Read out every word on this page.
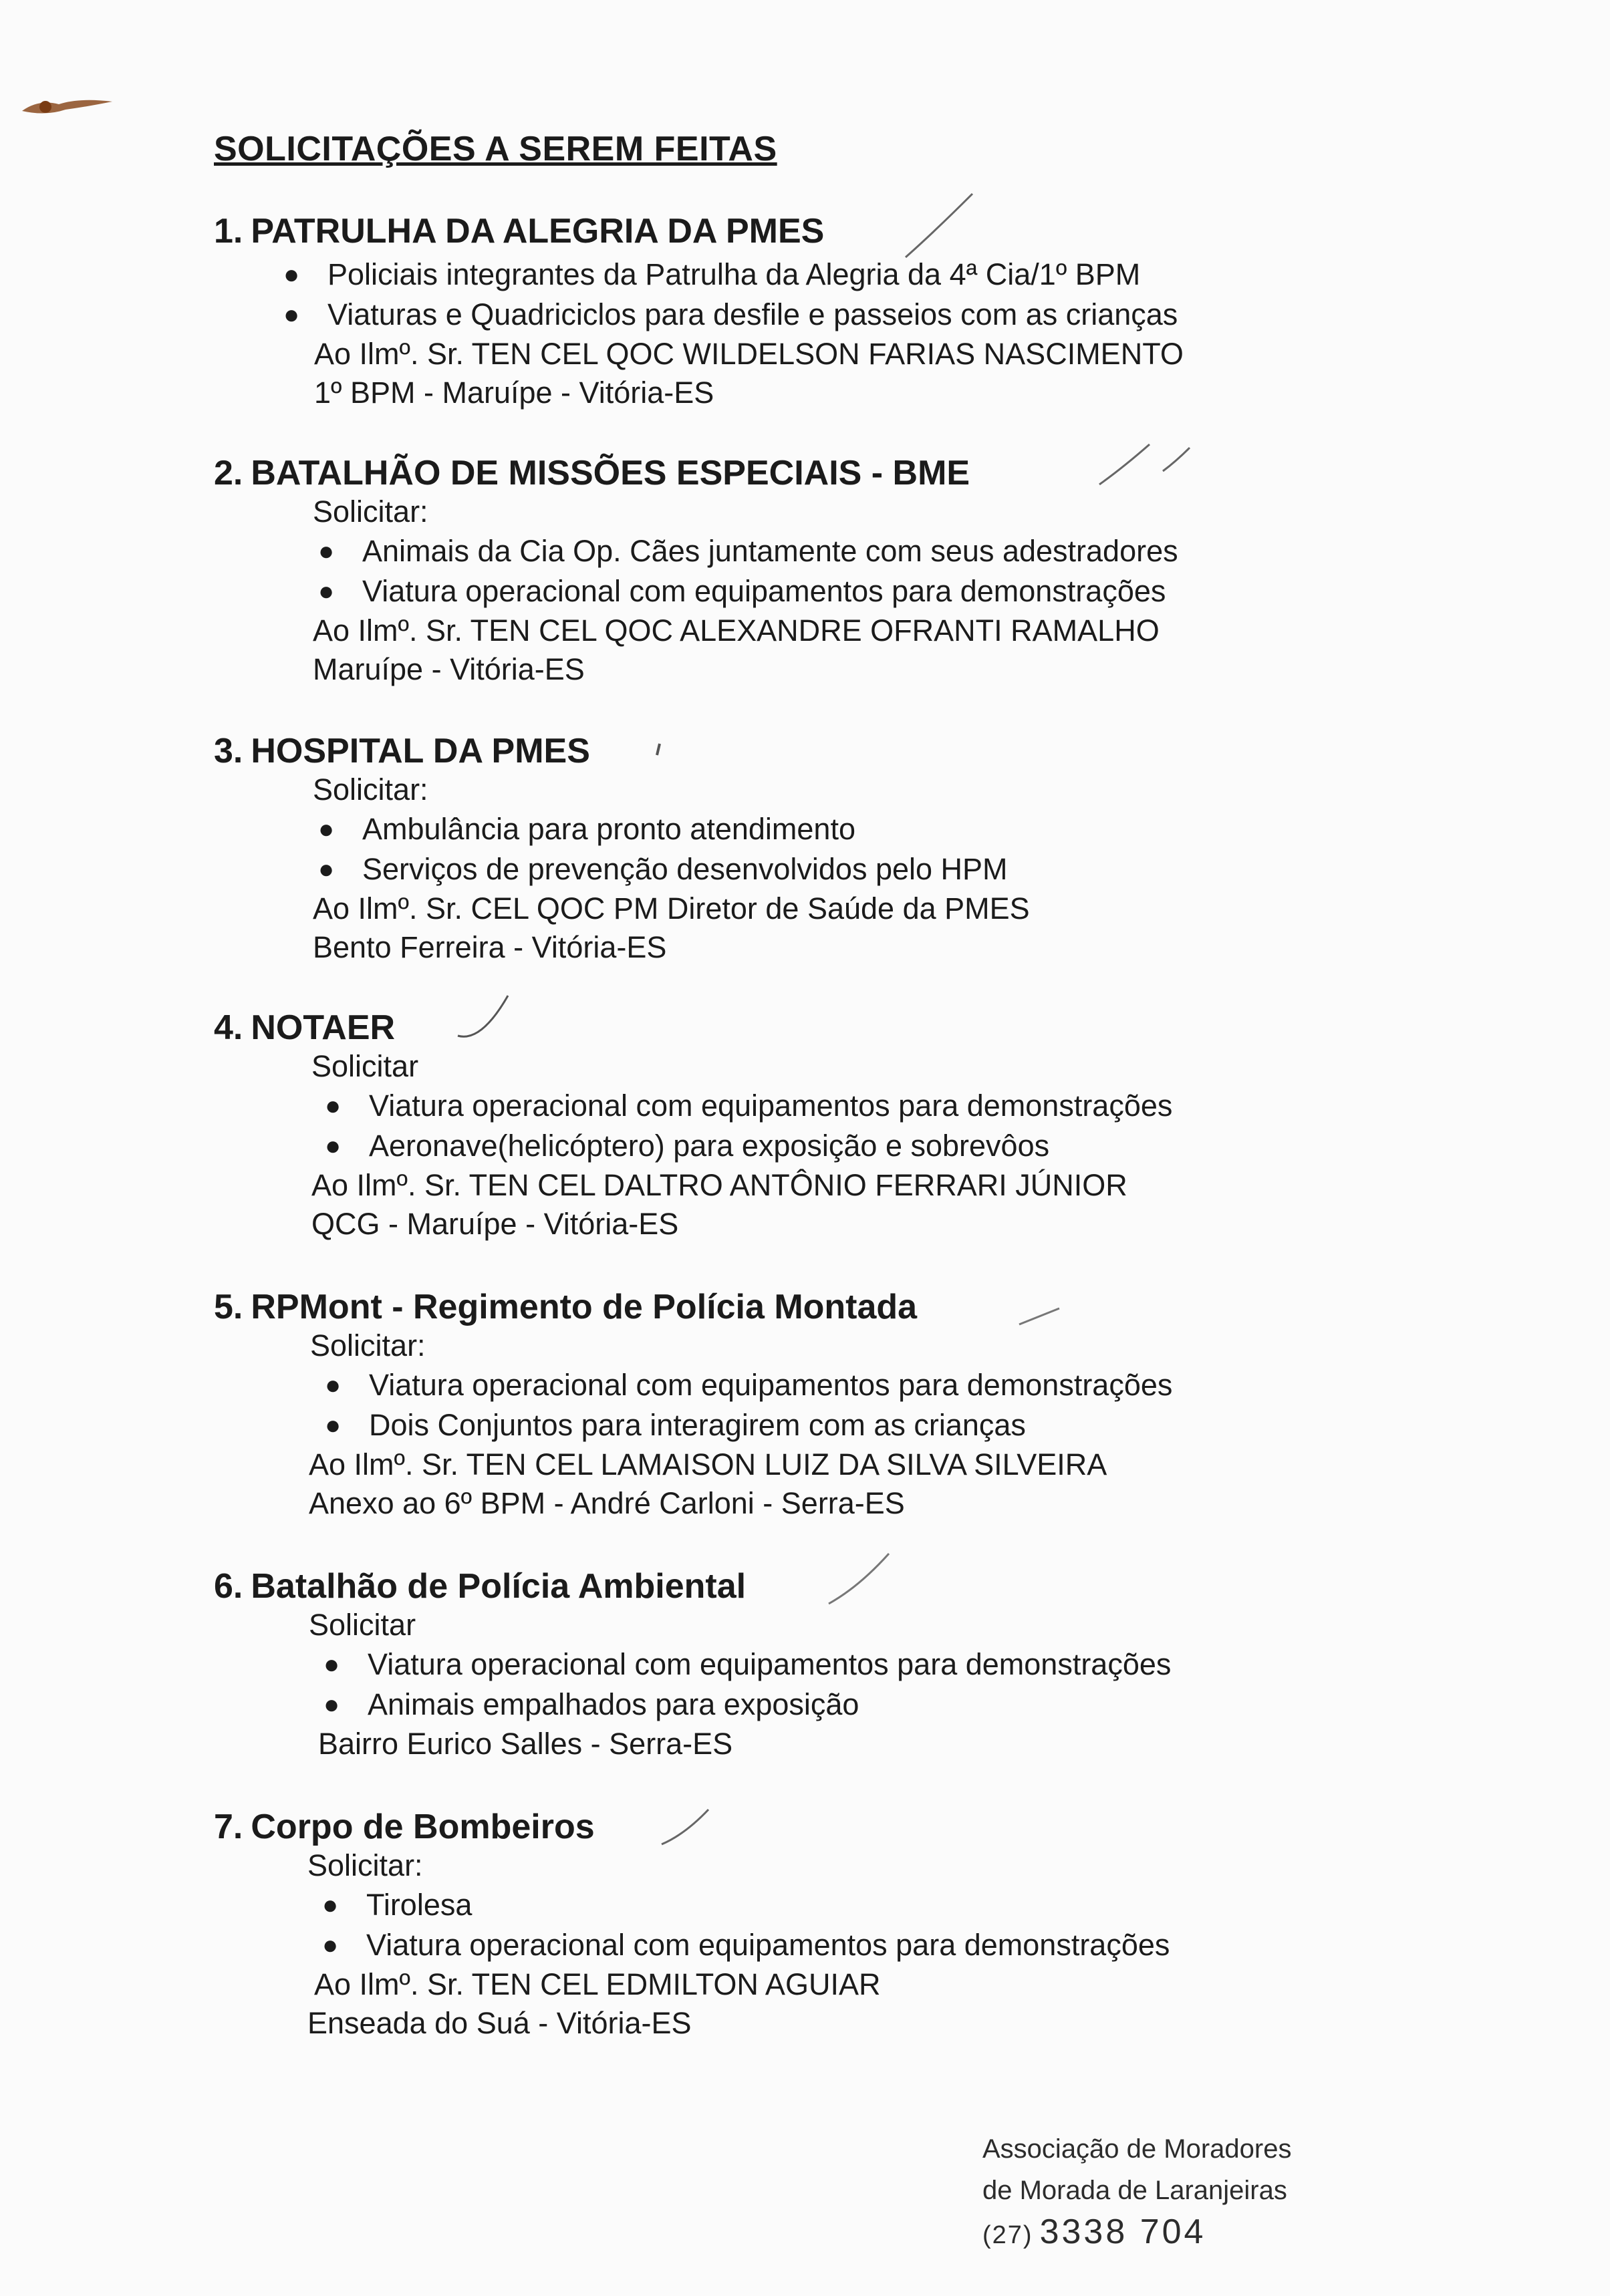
SOLICITAÇÕES A SEREM FEITAS
1. PATRULHA DA ALEGRIA DA PMES
● Policiais integrantes da Patrulha da Alegria da 4ª Cia/1º BPM
● Viaturas e Quadriciclos para desfile e passeios com as crianças
Ao Ilmº. Sr. TEN CEL QOC WILDELSON FARIAS NASCIMENTO
1º BPM - Maruípe - Vitória-ES
2. BATALHÃO DE MISSÕES ESPECIAIS - BME
Solicitar:
● Animais da Cia Op. Cães juntamente com seus adestradores
● Viatura operacional com equipamentos para demonstrações
Ao Ilmº. Sr. TEN CEL QOC ALEXANDRE OFRANTI RAMALHO
Maruípe - Vitória-ES
3. HOSPITAL DA PMES
Solicitar:
● Ambulância para pronto atendimento
● Serviços de prevenção desenvolvidos pelo HPM
Ao Ilmº. Sr. CEL QOC PM Diretor de Saúde da PMES
Bento Ferreira - Vitória-ES
4. NOTAER
Solicitar
● Viatura operacional com equipamentos para demonstrações
● Aeronave(helicóptero) para exposição e sobrevôos
Ao Ilmº. Sr. TEN CEL DALTRO ANTÔNIO FERRARI JÚNIOR
QCG - Maruípe - Vitória-ES
5. RPMont - Regimento de Polícia Montada
Solicitar:
● Viatura operacional com equipamentos para demonstrações
● Dois Conjuntos para interagirem com as crianças
Ao Ilmº. Sr. TEN CEL LAMAISON LUIZ DA SILVA SILVEIRA
Anexo ao 6º BPM - André Carloni - Serra-ES
6. Batalhão de Polícia Ambiental
Solicitar
● Viatura operacional com equipamentos para demonstrações
● Animais empalhados para exposição
Bairro Eurico Salles - Serra-ES
7. Corpo de Bombeiros
Solicitar:
● Tirolesa
● Viatura operacional com equipamentos para demonstrações
Ao Ilmº. Sr. TEN CEL EDMILTON AGUIAR
Enseada do Suá - Vitória-ES
Associação de Moradores
de Morada de Laranjeiras
(27) 3338 704
